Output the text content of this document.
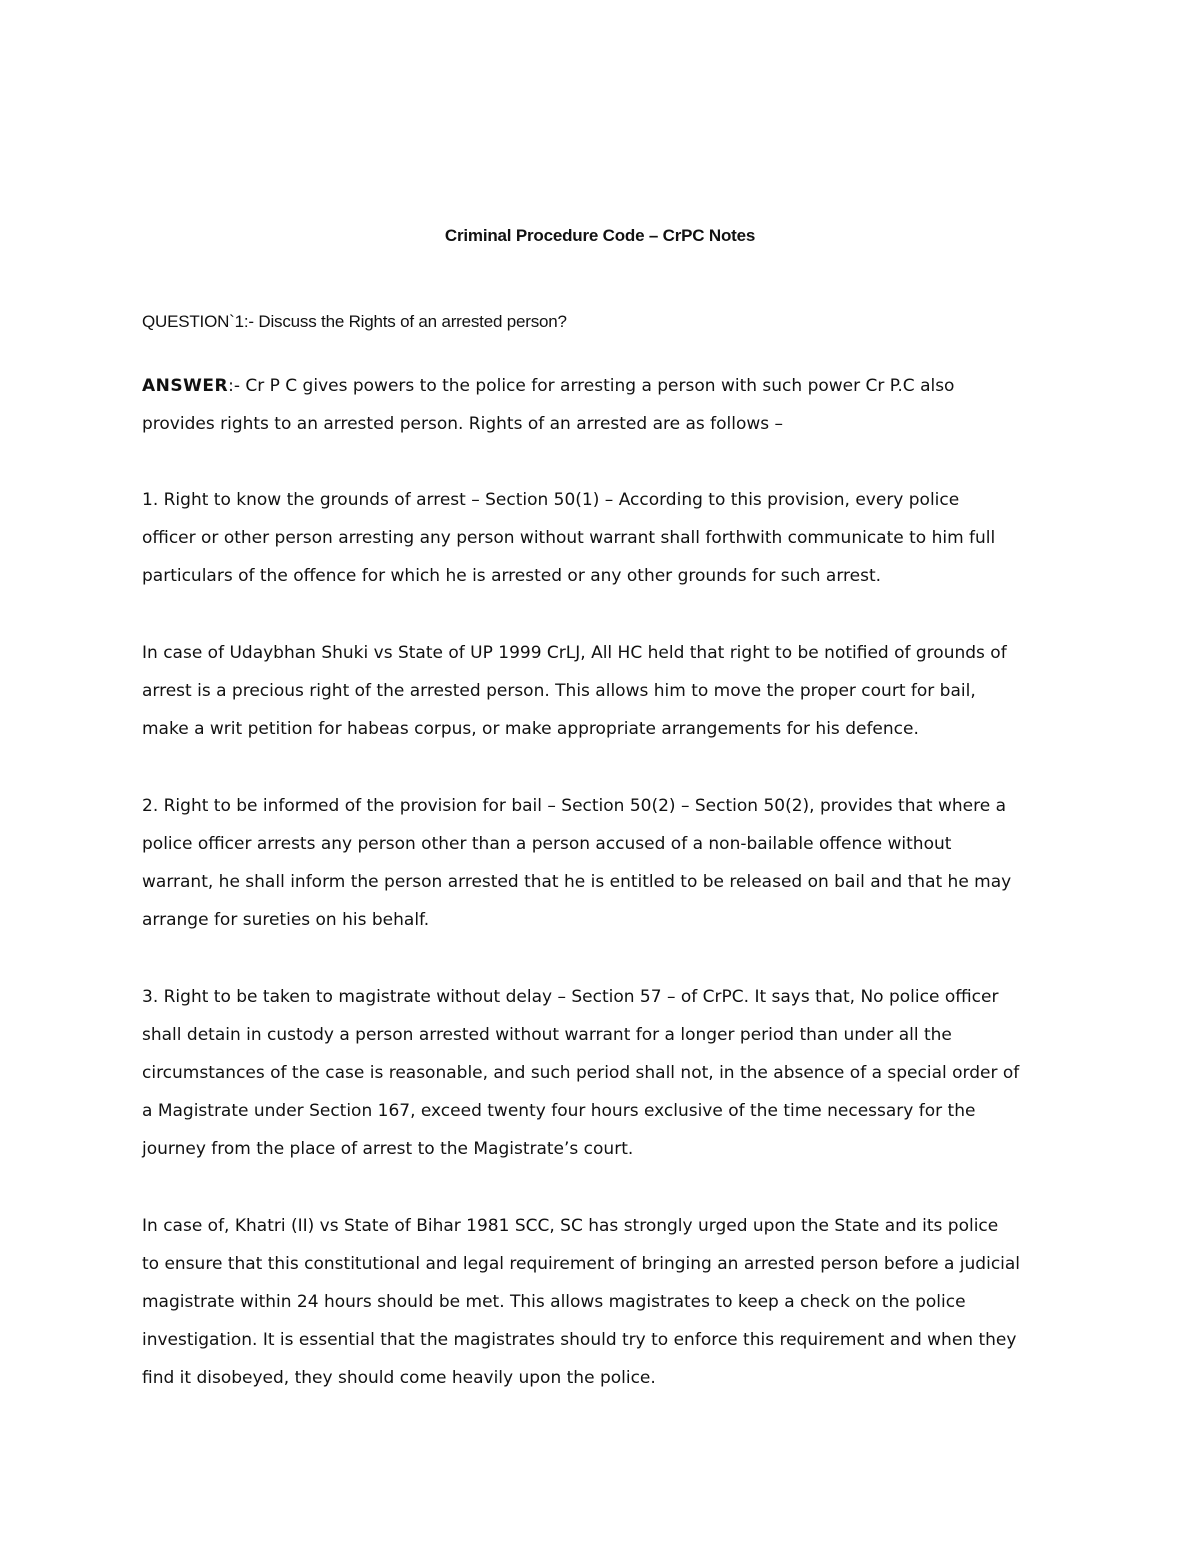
Criminal Procedure Code – CrPC Notes
QUESTION`1:- Discuss the Rights of an arrested person?
ANSWER:- Cr P C gives powers to the police for arresting a person with such power Cr P.C also
provides rights to an arrested person. Rights of an arrested are as follows –
1. Right to know the grounds of arrest – Section 50(1) – According to this provision, every police
officer or other person arresting any person without warrant shall forthwith communicate to him full
particulars of the offence for which he is arrested or any other grounds for such arrest.
In case of Udaybhan Shuki vs State of UP 1999 CrLJ, All HC held that right to be notified of grounds of
arrest is a precious right of the arrested person. This allows him to move the proper court for bail,
make a writ petition for habeas corpus, or make appropriate arrangements for his defence.
2. Right to be informed of the provision for bail – Section 50(2) – Section 50(2), provides that where a
police officer arrests any person other than a person accused of a non-bailable offence without
warrant, he shall inform the person arrested that he is entitled to be released on bail and that he may
arrange for sureties on his behalf.
3. Right to be taken to magistrate without delay – Section 57 – of CrPC. It says that, No police officer
shall detain in custody a person arrested without warrant for a longer period than under all the
circumstances of the case is reasonable, and such period shall not, in the absence of a special order of
a Magistrate under Section 167, exceed twenty four hours exclusive of the time necessary for the
journey from the place of arrest to the Magistrate’s court.
In case of, Khatri (II) vs State of Bihar 1981 SCC, SC has strongly urged upon the State and its police
to ensure that this constitutional and legal requirement of bringing an arrested person before a judicial
magistrate within 24 hours should be met. This allows magistrates to keep a check on the police
investigation. It is essential that the magistrates should try to enforce this requirement and when they
find it disobeyed, they should come heavily upon the police.
